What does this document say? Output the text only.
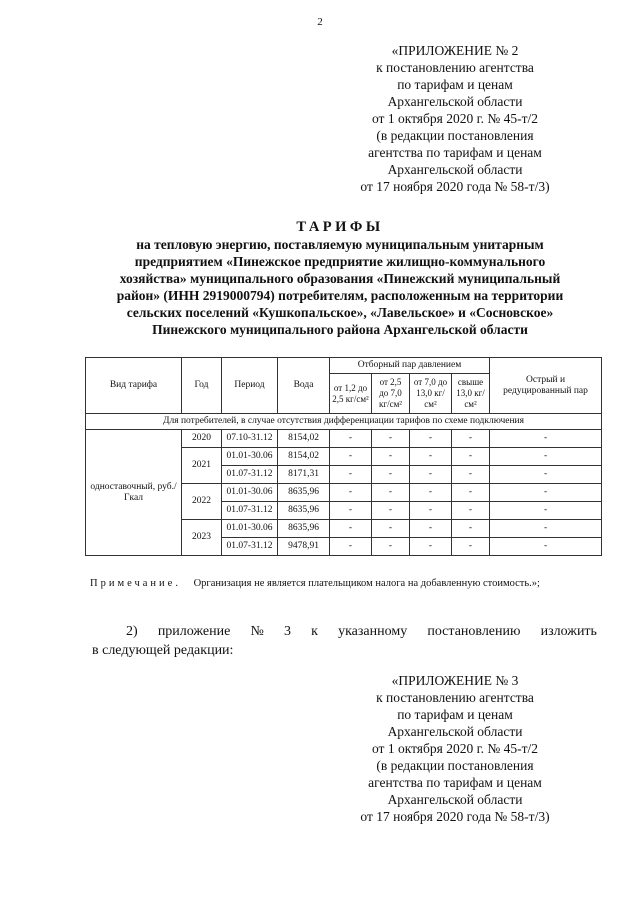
2
«ПРИЛОЖЕНИЕ № 2
к постановлению агентства
по тарифам и ценам
Архангельской области
от 1 октября 2020 г. № 45-т/2
(в редакции постановления
агентства по тарифам и ценам
Архангельской области
от 17 ноября 2020 года № 58-т/3)
ТАРИФЫ
на тепловую энергию, поставляемую муниципальным унитарным
предприятием «Пинежское предприятие жилищно-коммунального
хозяйства» муниципального образования «Пинежский муниципальный
район» (ИНН 2919000794) потребителям, расположенным на территории
сельских поселений «Кушкопальское», «Лавельское» и «Сосновское»
Пинежского муниципального района Архангельской области
Вид тарифа	Год	Период	Вода	Отборный пар давлением				Острый и редуцированный пар
				от 1,2 до 2,5 кг/см²	от 2,5 до 7,0 кг/см²	от 7,0 до 13,0 кг/см²	свыше 13,0 кг/см²	
Для потребителей, в случае отсутствия дифференциации тарифов по схеме подключения								
одноставочный, руб./Гкал	2020	07.10-31.12	8154,02	-	-	-	-	-
	2021	01.01-30.06	8154,02	-	-	-	-	-
		01.07-31.12	8171,31	-	-	-	-	-
	2022	01.01-30.06	8635,96	-	-	-	-	-
		01.07-31.12	8635,96	-	-	-	-	-
	2023	01.01-30.06	8635,96	-	-	-	-	-
		01.07-31.12	9478,91	-	-	-	-	-
Примечание. Организация не является плательщиком налога на добавленную стоимость.»;
2) приложение № 3 к указанному постановлению изложить
в следующей редакции:
«ПРИЛОЖЕНИЕ № 3
к постановлению агентства
по тарифам и ценам
Архангельской области
от 1 октября 2020 г. № 45-т/2
(в редакции постановления
агентства по тарифам и ценам
Архангельской области
от 17 ноября 2020 года № 58-т/3)
